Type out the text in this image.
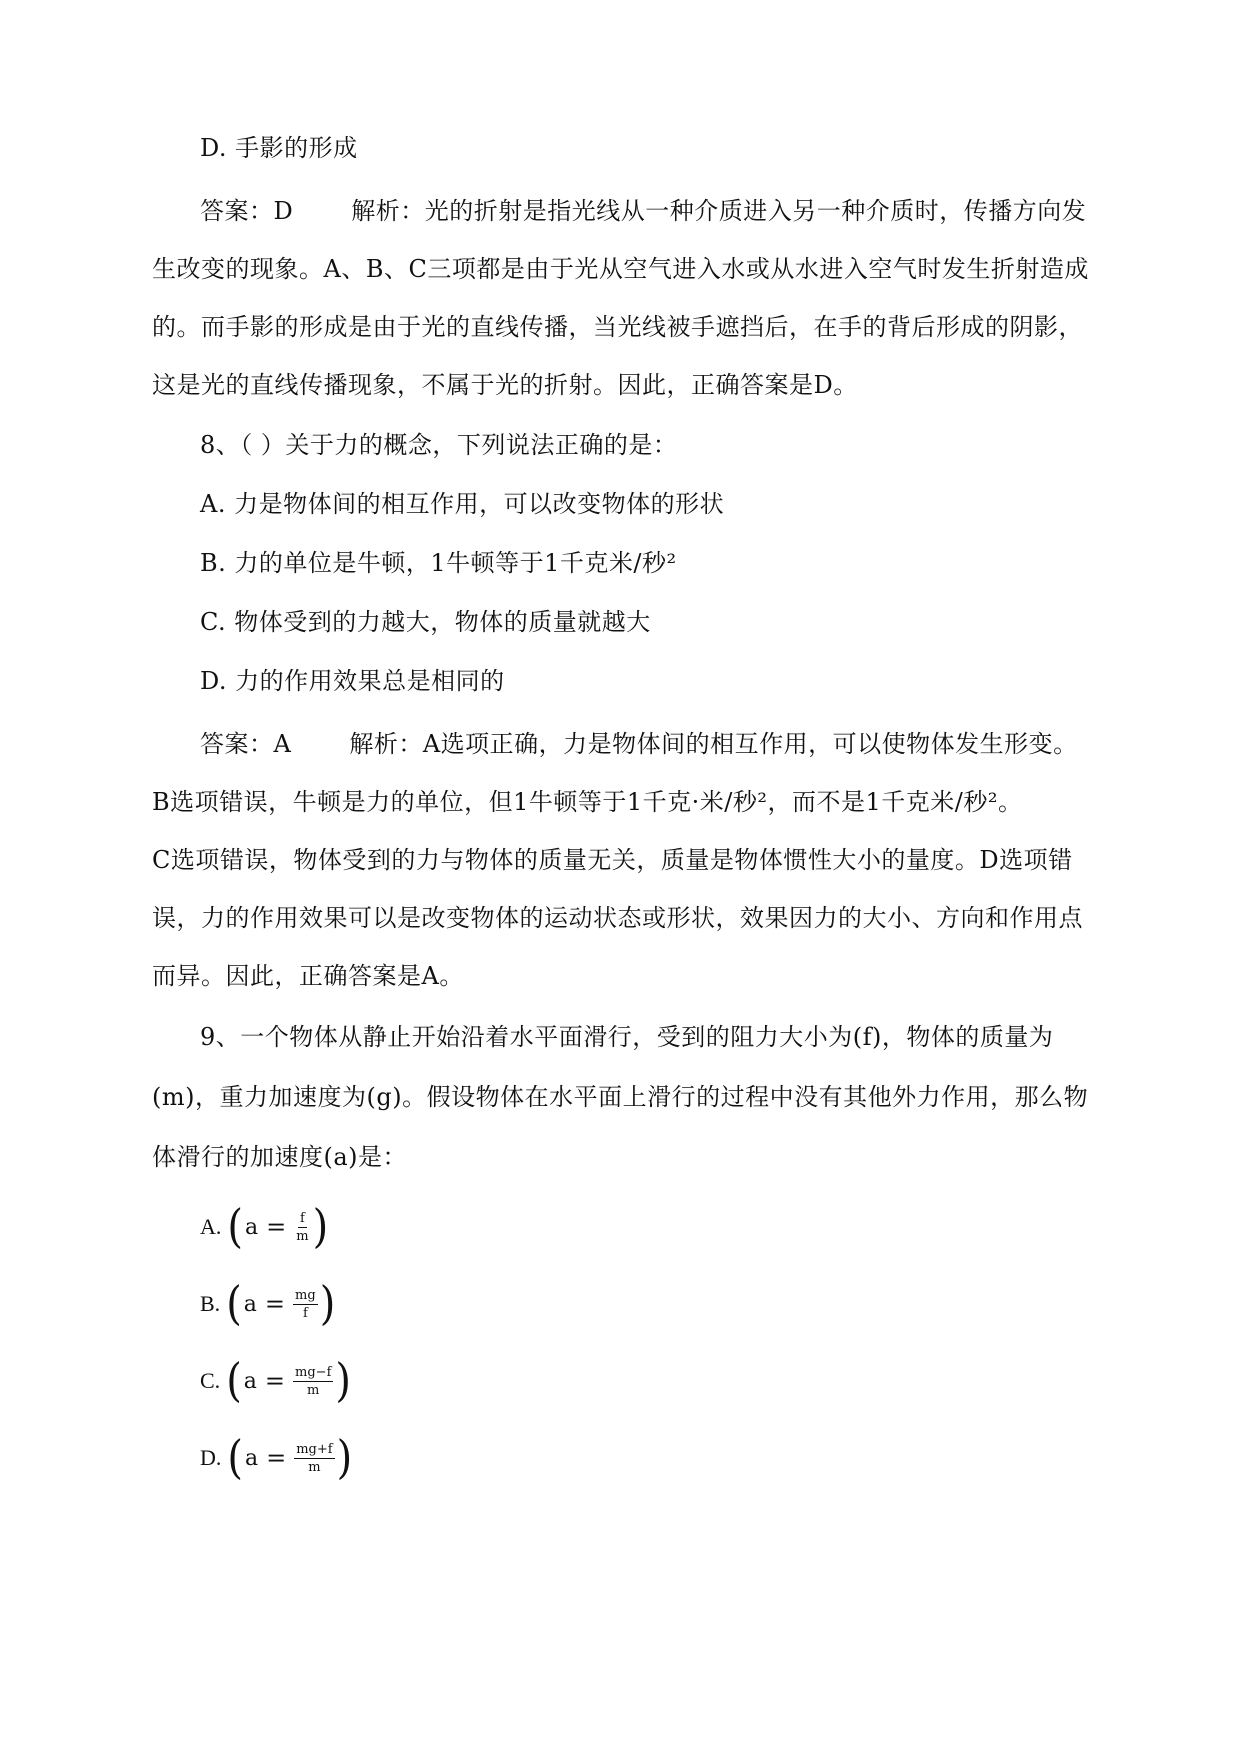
D. 手影的形成
答案：D 解析：光的折射是指光线从一种介质进入另一种介质时，传播方向发
生改变的现象。A、B、C三项都是由于光从空气进入水或从水进入空气时发生折射造成
的。而手影的形成是由于光的直线传播，当光线被手遮挡后，在手的背后形成的阴影，
这是光的直线传播现象，不属于光的折射。因此，正确答案是D。
8、（ ）关于力的概念，下列说法正确的是：
A. 力是物体间的相互作用，可以改变物体的形状
B. 力的单位是牛顿，1牛顿等于1千克米/秒²
C. 物体受到的力越大，物体的质量就越大
D. 力的作用效果总是相同的
答案：A 解析：A选项正确，力是物体间的相互作用，可以使物体发生形变。
B选项错误，牛顿是力的单位，但1牛顿等于1千克·米/秒²，而不是1千克米/秒²。
C选项错误，物体受到的力与物体的质量无关，质量是物体惯性大小的量度。D选项错
误，力的作用效果可以是改变物体的运动状态或形状，效果因力的大小、方向和作用点
而异。因此，正确答案是A。
9、一个物体从静止开始沿着水平面滑行，受到的阻力大小为(f)，物体的质量为
(m)，重力加速度为(g)。假设物体在水平面上滑行的过程中没有其他外力作用，那么物
体滑行的加速度(a)是：
A. ( $a = \frac{f}{m}$ )
B. ( $a = \frac{mg}{f}$ )
C. ( $a = \frac{mg-f}{m}$ )
D. ( $a = \frac{mg+f}{m}$ )
